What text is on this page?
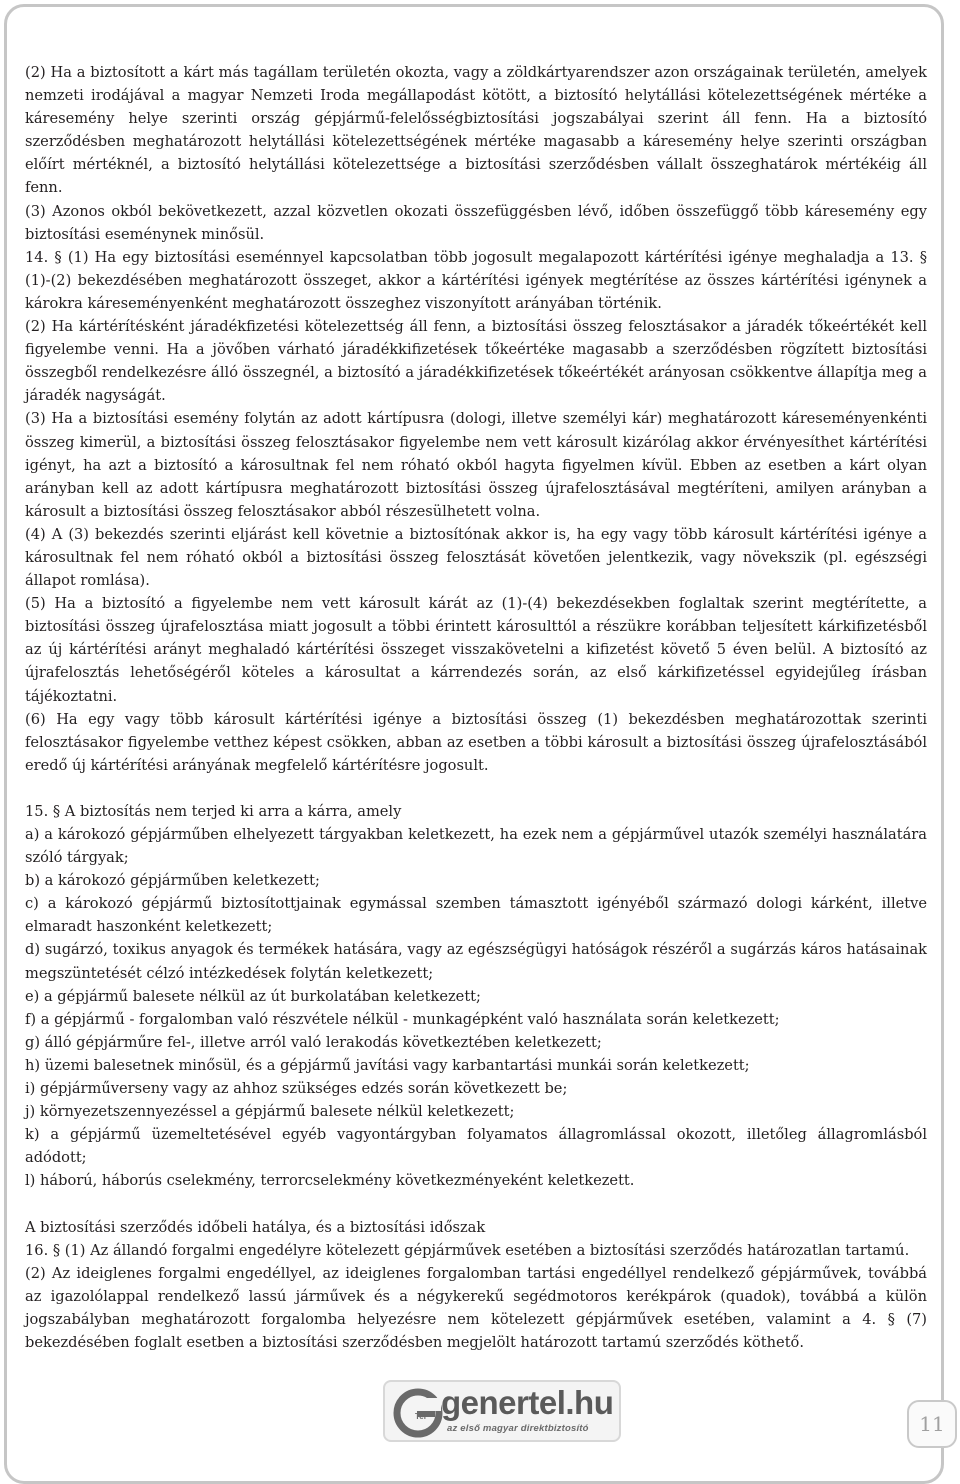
(2) Ha a biztosított a kárt más tagállam területén okozta, vagy a zöldkártyarendszer azon országainak területén, amelyek nemzeti irodájával a magyar Nemzeti Iroda megállapodást kötött, a biztosító helytállási kötelezettségének mértéke a káresemény helye szerinti ország gépjármű-felelősségbiztosítási jogszabályai szerint áll fenn. Ha a biztosító szerződésben meghatározott helytállási kötelezettségének mértéke magasabb a káresemény helye szerinti országban előírt mértéknél, a biztosító helytállási kötelezettsége a biztosítási szerződésben vállalt összeghatárok mértékéig áll fenn.

(3) Azonos okból bekövetkezett, azzal közvetlen okozati összefüggésben lévő, időben összefüggő több káresemény egy biztosítási eseménynek minősül.

14. § (1) Ha egy biztosítási eseménnyel kapcsolatban több jogosult megalapozott kártérítési igénye meghaladja a 13. § (1)-(2) bekezdésében meghatározott összeget, akkor a kártérítési igények megtérítése az összes kártérítési igénynek a károkra káreseményenként meghatározott összeghez viszonyított arányában történik.

(2) Ha kártérítésként járadékfizetési kötelezettség áll fenn, a biztosítási összeg felosztásakor a járadék tőkeértékét kell figyelembe venni. Ha a jövőben várható járadékkifizetések tőkeértéke magasabb a szerződésben rögzített biztosítási összegből rendelkezésre álló összegnél, a biztosító a járadékkifizetések tőkeértékét arányosan csökkentve állapítja meg a járadék nagyságát.

(3) Ha a biztosítási esemény folytán az adott kártípusra (dologi, illetve személyi kár) meghatározott káreseményenkénti összeg kimerül, a biztosítási összeg felosztásakor figyelembe nem vett károsult kizárólag akkor érvényesíthet kártérítési igényt, ha azt a biztosító a károsultnak fel nem róható okból hagyta figyelmen kívül. Ebben az esetben a kárt olyan arányban kell az adott kártípusra meghatározott biztosítási összeg újrafelosztásával megtéríteni, amilyen arányban a károsult a biztosítási összeg felosztásakor abból részesülhetett volna.

(4) A (3) bekezdés szerinti eljárást kell követnie a biztosítónak akkor is, ha egy vagy több károsult kártérítési igénye a károsultnak fel nem róható okból a biztosítási összeg felosztását követően jelentkezik, vagy növekszik (pl. egészségi állapot romlása).

(5) Ha a biztosító a figyelembe nem vett károsult kárát az (1)-(4) bekezdésekben foglaltak szerint megtérítette, a biztosítási összeg újrafelosztása miatt jogosult a többi érintett károsulttól a részükre korábban teljesített kárkifizetésből az új kártérítési arányt meghaladó kártérítési összeget visszakövetelni a kifizetést követő 5 éven belül. A biztosító az újrafelosztás lehetőségéről köteles a károsultat a kárrendezés során, az első kárkifizetéssel egyidejűleg írásban tájékoztatni.

(6) Ha egy vagy több károsult kártérítési igénye a biztosítási összeg (1) bekezdésben meghatározottak szerinti felosztásakor figyelembe vetthez képest csökken, abban az esetben a többi károsult a biztosítási összeg újrafelosztásából eredő új kártérítési arányának megfelelő kártérítésre jogosult.

15. § A biztosítás nem terjed ki arra a kárra, amely

a) a károkozó gépjárműben elhelyezett tárgyakban keletkezett, ha ezek nem a gépjárművel utazók személyi használatára szóló tárgyak;

b) a károkozó gépjárműben keletkezett;

c) a károkozó gépjármű biztosítottjainak egymással szemben támasztott igényéből származó dologi kárként, illetve elmaradt haszonként keletkezett;

d) sugárzó, toxikus anyagok és termékek hatására, vagy az egészségügyi hatóságok részéről a sugárzás káros hatásainak megszüntetését célzó intézkedések folytán keletkezett;

e) a gépjármű balesete nélkül az út burkolatában keletkezett;

f) a gépjármű - forgalomban való részvétele nélkül - munkagépként való használata során keletkezett;

g) álló gépjárműre fel-, illetve arról való lerakodás következtében keletkezett;

h) üzemi balesetnek minősül, és a gépjármű javítási vagy karbantartási munkái során keletkezett;

i) gépjárműverseny vagy az ahhoz szükséges edzés során következett be;

j) környezetszennyezéssel a gépjármű balesete nélkül keletkezett;

k) a gépjármű üzemeltetésével egyéb vagyontárgyban folyamatos állagromlással okozott, illetőleg állagromlásból adódott;

l) háború, háborús cselekmény, terrorcselekmény következményeként keletkezett.

A biztosítási szerződés időbeli hatálya, és a biztosítási időszak

16. § (1) Az állandó forgalmi engedélyre kötelezett gépjárművek esetében a biztosítási szerződés határozatlan tartamú.

(2) Az ideiglenes forgalmi engedéllyel, az ideiglenes forgalomban tartási engedéllyel rendelkező gépjárművek, továbbá az igazolólappal rendelkező lassú járművek és a négykerekű segédmotoros kerékpárok (quadok), továbbá a külön jogszabályban meghatározott forgalomba helyezésre nem kötelezett gépjárművek esetében, valamint a 4. § (7) bekezdésében foglalt esetben a biztosítási szerződésben megjelölt határozott tartamú szerződés köthető.

Tel genertel.hu
az első magyar direktbiztosító	11
